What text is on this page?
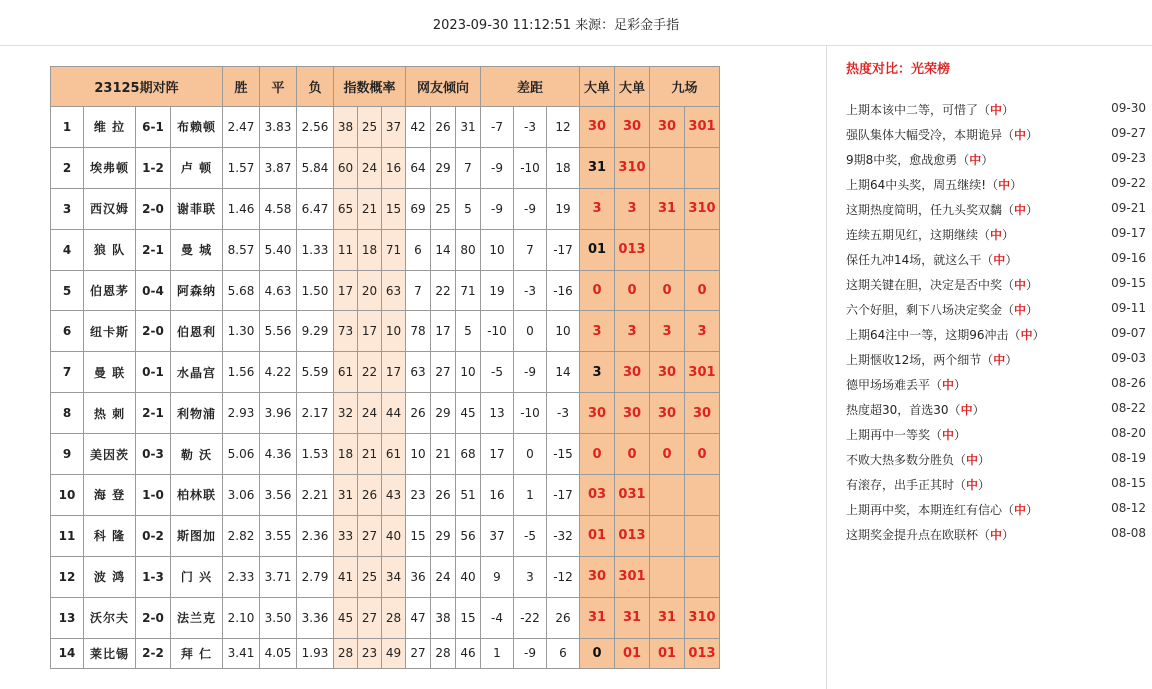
2023-09-30 11:12:51 来源：足彩金手指
23125期对阵				胜	平	负	指数概率			网友倾向			差距			大单	大单	九场	
1	维 拉	6-1	布赖顿	2.47	3.83	2.56	38	25	37	42	26	31	-7	-3	12	30	30	30	301
2	埃弗顿	1-2	卢 顿	1.57	3.87	5.84	60	24	16	64	29	7	-9	-10	18	31	310		
3	西汉姆	2-0	谢菲联	1.46	4.58	6.47	65	21	15	69	25	5	-9	-9	19	3	3	31	310
4	狼 队	2-1	曼 城	8.57	5.40	1.33	11	18	71	6	14	80	10	7	-17	01	013		
5	伯恩茅	0-4	阿森纳	5.68	4.63	1.50	17	20	63	7	22	71	19	-3	-16	0	0	0	0
6	纽卡斯	2-0	伯恩利	1.30	5.56	9.29	73	17	10	78	17	5	-10	0	10	3	3	3	3
7	曼 联	0-1	水晶宫	1.56	4.22	5.59	61	22	17	63	27	10	-5	-9	14	3	30	30	301
8	热 刺	2-1	利物浦	2.93	3.96	2.17	32	24	44	26	29	45	13	-10	-3	30	30	30	30
9	美因茨	0-3	勒 沃	5.06	4.36	1.53	18	21	61	10	21	68	17	0	-15	0	0	0	0
10	海 登	1-0	柏林联	3.06	3.56	2.21	31	26	43	23	26	51	16	1	-17	03	031		
11	科 隆	0-2	斯图加	2.82	3.55	2.36	33	27	40	15	29	56	37	-5	-32	01	013		
12	波 鸿	1-3	门 兴	2.33	3.71	2.79	41	25	34	36	24	40	9	3	-12	30	301		
13	沃尔夫	2-0	法兰克	2.10	3.50	3.36	45	27	28	47	38	15	-4	-22	26	31	31	31	310
14	莱比锡	2-2	拜 仁	3.41	4.05	1.93	28	23	49	27	28	46	1	-9	6	0	01	01	013
热度对比：光荣榜
上期本该中二等，可惜了（中）	09-30
强队集体大幅受冷，本期诡异（中）	09-27
9期8中奖，愈战愈勇（中）	09-23
上期64中头奖，周五继续!（中）	09-22
这期热度简明，任九头奖双黐（中）	09-21
连续五期见红，这期继续（中）	09-17
保任九冲14场，就这么干（中）	09-16
这期关键在胆，决定是否中奖（中）	09-15
六个好胆，剩下八场决定奖金（中）	09-11
上期64注中一等，这期96冲击（中）	09-07
上期惬收12场，两个细节（中）	09-03
德甲场场难丢平（中）	08-26
热度超30，首选30（中）	08-22
上期再中一等奖（中）	08-20
不败大热多数分胜负（中）	08-19
有滚存，出手正其时（中）	08-15
上期再中奖，本期连红有信心（中）	08-12
这期奖金提升点在欧联杯（中）	08-08
